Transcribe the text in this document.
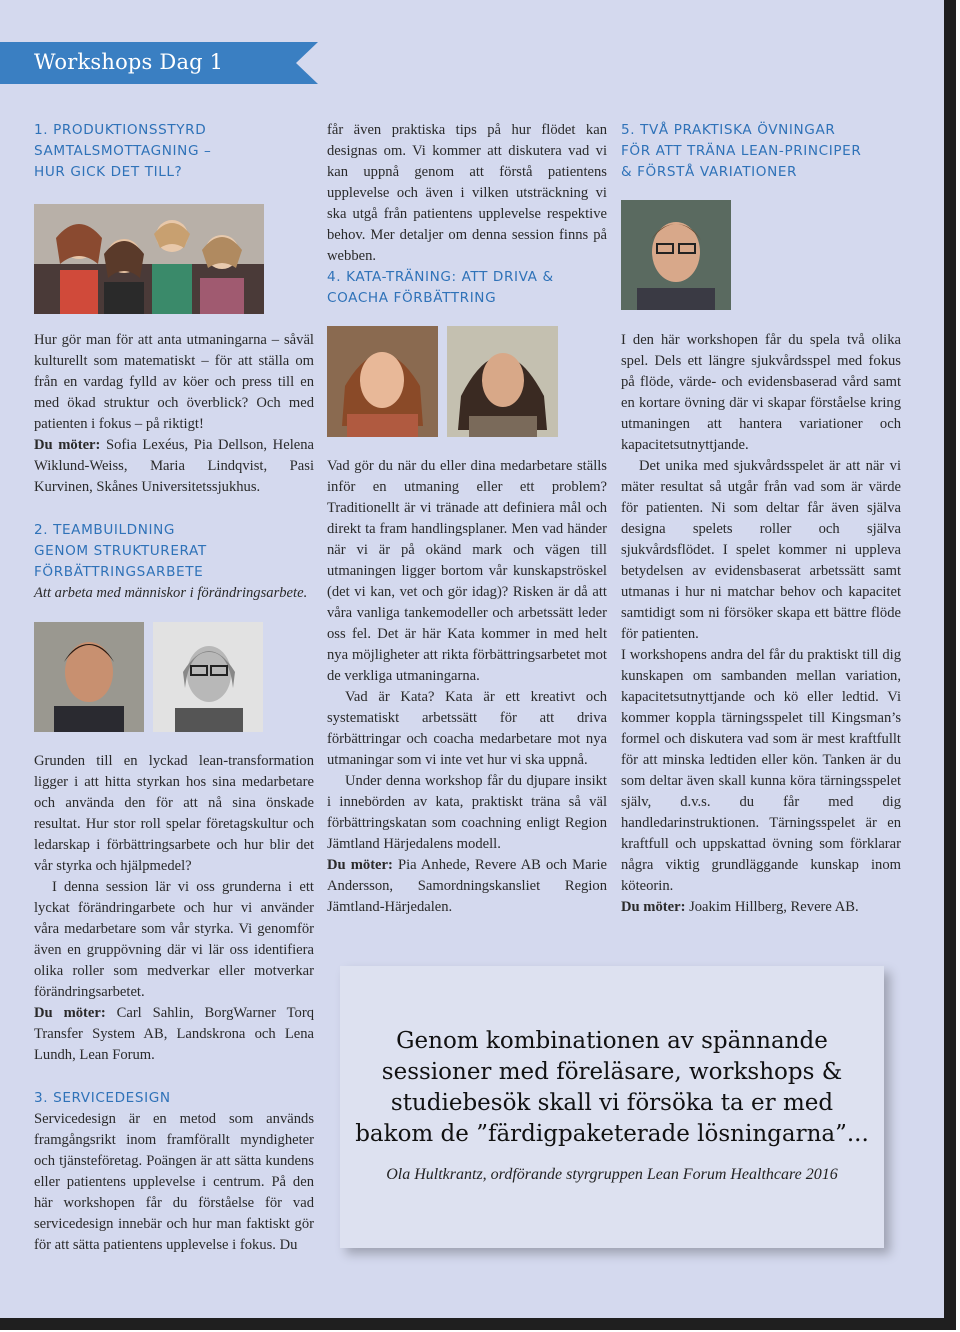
Workshops Dag 1
1. PRODUKTIONSSTYRD
SAMTALSMOTTAGNING –
HUR GICK DET TILL?

Hur gör man för att anta utmaningarna – såväl kulturellt som matematiskt – för att ställa om från en vardag fylld av köer och press till en med ökad struktur och överblick? Och med patienten i fokus – på riktigt!

Du möter: Sofia Lexéus, Pia Dellson, Helena Wiklund-Weiss, Maria Lindqvist, Pasi Kurvinen, Skånes Universitetssjukhus.

2. TEAMBUILDNING
GENOM STRUKTURERAT
FÖRBÄTTRINGSARBETE
Att arbeta med människor i förändringsarbete.

Grunden till en lyckad lean-transformation ligger i att hitta styrkan hos sina medarbetare och använda den för att nå sina önskade resultat. Hur stor roll spelar företagskultur och ledarskap i förbättringsarbete och hur blir det vår styrka och hjälpmedel?

I denna session lär vi oss grunderna i ett lyckat förändringarbete och hur vi använder våra medarbetare som vår styrka. Vi genomför även en gruppövning där vi lär oss identifiera olika roller som medverkar eller motverkar förändringsarbetet.

Du möter: Carl Sahlin, BorgWarner Torq Transfer System AB, Landskrona och Lena Lundh, Lean Forum.

3. SERVICEDESIGN

Servicedesign är en metod som används framgångsrikt inom framförallt myndigheter och tjänsteföretag. Poängen är att sätta kundens eller patientens upplevelse i centrum. På den här workshopen får du förståelse för vad servicedesign innebär och hur man faktiskt gör för att sätta patientens upplevelse i fokus. Du

får även praktiska tips på hur flödet kan designas om. Vi kommer att diskutera vad vi kan uppnå genom att förstå patientens upplevelse och även i vilken utsträckning vi ska utgå från patientens upplevelse respektive behov. Mer detaljer om denna session finns på webben.

4. KATA-TRÄNING: ATT DRIVA &
COACHA FÖRBÄTTRING

Vad gör du när du eller dina medarbetare ställs inför en utmaning eller ett problem? Traditionellt är vi tränade att definiera mål och direkt ta fram handlingsplaner. Men vad händer när vi är på okänd mark och vägen till utmaningen ligger bortom vår kunskapströskel (det vi kan, vet och gör idag)? Risken är då att våra vanliga tankemodeller och arbetssätt leder oss fel. Det är här Kata kommer in med helt nya möjligheter att rikta förbättringsarbetet mot de verkliga utmaningarna.

Vad är Kata? Kata är ett kreativt och systematiskt arbetssätt för att driva förbättringar och coacha medarbetare mot nya utmaningar som vi inte vet hur vi ska uppnå.

Under denna workshop får du djupare insikt i innebörden av kata, praktiskt träna så väl förbättringskatan som coachning enligt Region Jämtland Härjedalens modell.

Du möter: Pia Anhede, Revere AB och Marie Andersson, Samordningskansliet Region Jämtland-Härjedalen.

5. TVÅ PRAKTISKA ÖVNINGAR
FÖR ATT TRÄNA LEAN-PRINCIPER
& FÖRSTÅ VARIATIONER

I den här workshopen får du spela två olika spel. Dels ett längre sjukvårdsspel med fokus på flöde, värde- och evidensbaserad vård samt en kortare övning där vi skapar förståelse kring utmaningen att hantera variationer och kapacitetsutnyttjande.

Det unika med sjukvårdsspelet är att när vi mäter resultat så utgår från vad som är värde för patienten. Ni som deltar får även själva designa spelets roller och själva sjukvårdsflödet. I spelet kommer ni uppleva betydelsen av evidensbaserat arbetssätt samt utmanas i hur ni matchar behov och kapacitet samtidigt som ni försöker skapa ett bättre flöde för patienten.

I workshopens andra del får du praktiskt till dig kunskapen om sambanden mellan variation, kapacitetsutnyttjande och kö eller ledtid. Vi kommer koppla tärningsspelet till Kingsman’s formel och diskutera vad som är mest kraftfullt för att minska ledtiden eller kön. Tanken är du som deltar även skall kunna köra tärningsspelet själv, d.v.s. du får med dig handledarinstruktionen. Tärningsspelet är en kraftfull och uppskattad övning som förklarar några viktig grundläggande kunskap inom köteorin.

Du möter: Joakim Hillberg, Revere AB.

Genom kombinationen av spännande
sessioner med föreläsare, workshops &
studiebesök skall vi försöka ta er med
bakom de ”färdigpaketerade lösningarna”...
Ola Hultkrantz, ordförande styrgruppen Lean Forum Healthcare 2016
